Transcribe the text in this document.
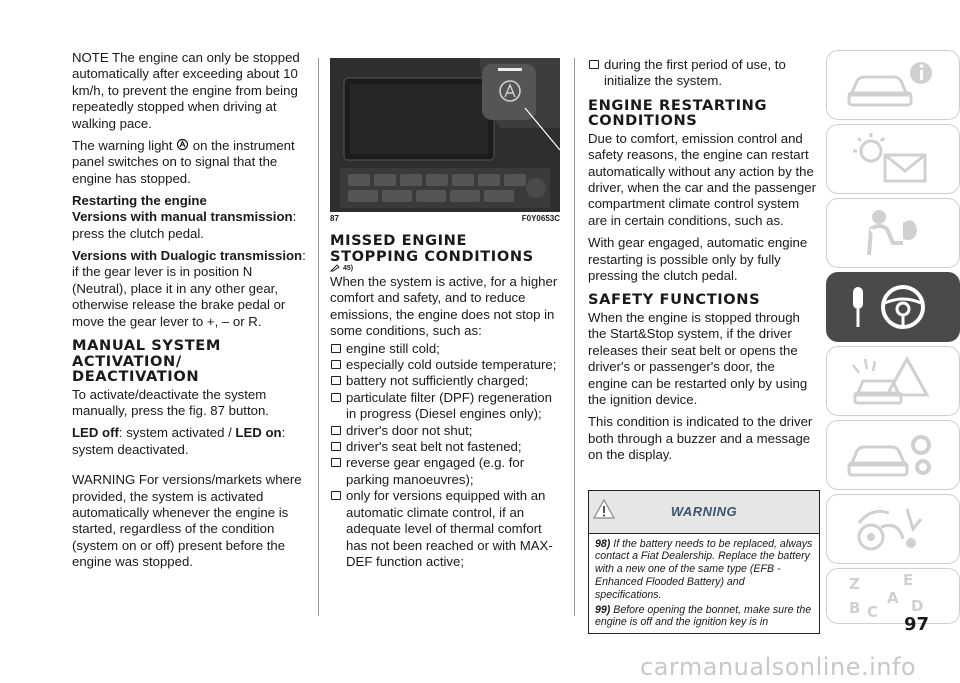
NOTE The engine can only be stopped automatically after exceeding about 10 km/h, to prevent the engine from being repeatedly stopped when driving at walking pace.

The warning light on the instrument panel switches on to signal that the engine has stopped.

Restarting the engine

Versions with manual transmission: press the clutch pedal.

Versions with Dualogic transmission: if the gear lever is in position N (Neutral), place it in any other gear, otherwise release the brake pedal or move the gear lever to +, – or R.

MANUAL SYSTEM ACTIVATION/ DEACTIVATION

To activate/deactivate the system manually, press the fig. 87 button.

LED off: system activated / LED on: system deactivated.

WARNING For versions/markets where provided, the system is activated automatically whenever the engine is started, regardless of the condition (system on or off) present before the engine was stopped.

87	F0Y0653C
MISSED ENGINE STOPPING CONDITIONS
45)

When the system is active, for a higher comfort and safety, and to reduce emissions, the engine does not stop in some conditions, such as:

engine still cold;
especially cold outside temperature;
battery not sufficiently charged;
particulate filter (DPF) regeneration in progress (Diesel engines only);
driver's door not shut;
driver's seat belt not fastened;
reverse gear engaged (e.g. for parking manoeuvres);
only for versions equipped with an automatic climate control, if an adequate level of thermal comfort has not been reached or with MAX-DEF function active;
during the first period of use, to initialize the system.
ENGINE RESTARTING CONDITIONS

Due to comfort, emission control and safety reasons, the engine can restart automatically without any action by the driver, when the car and the passenger compartment climate control system are in certain conditions, such as.

With gear engaged, automatic engine restarting is possible only by fully pressing the clutch pedal.

SAFETY FUNCTIONS

When the engine is stopped through the Start&Stop system, if the driver releases their seat belt or opens the driver's or passenger's door, the engine can be restarted only by using the ignition device.

This condition is indicated to the driver both through a buzzer and a message on the display.

WARNING

98) If the battery needs to be replaced, always contact a Fiat Dealership. Replace the battery with a new one of the same type (EFB - Enhanced Flooded Battery) and specifications.

99) Before opening the bonnet, make sure the engine is off and the ignition key is in

Z	E
B
A
C D
97
carmanualsonline.info
